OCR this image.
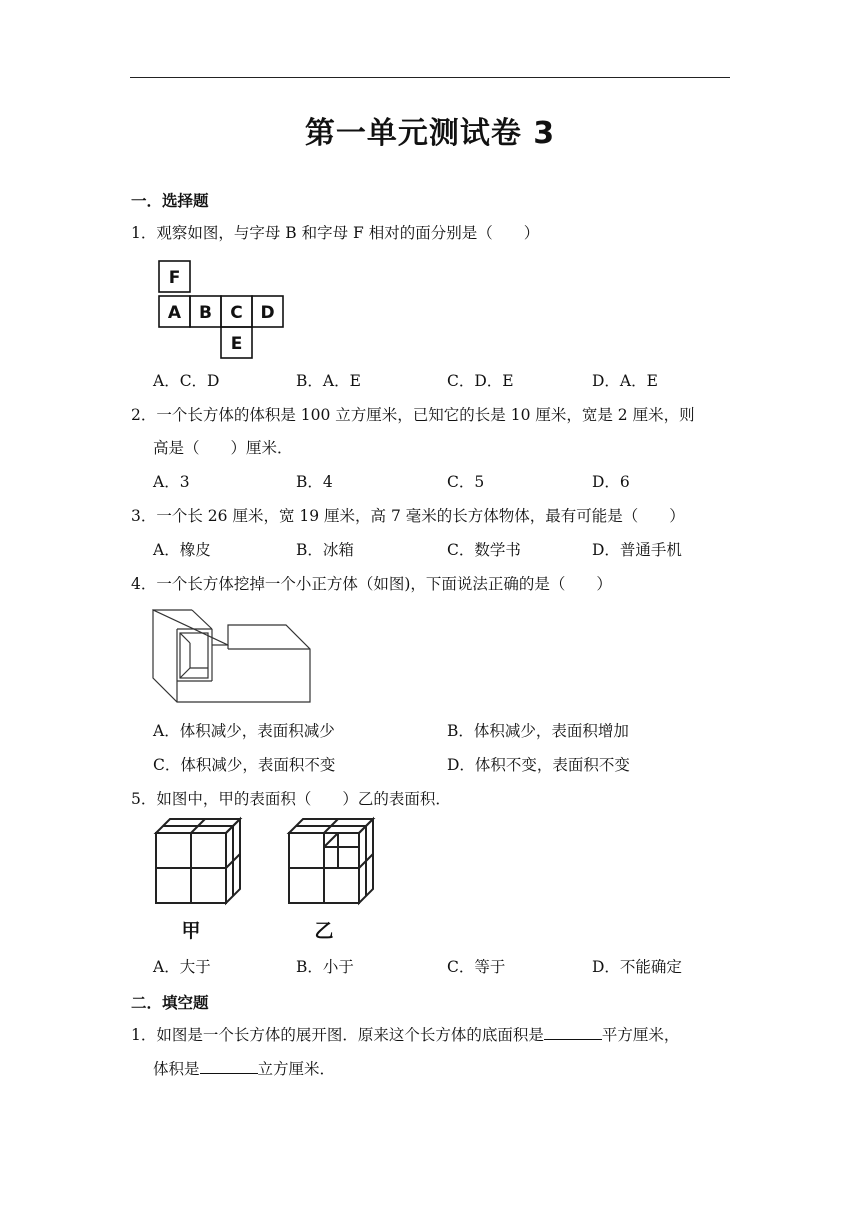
第一单元测试卷 3
一．选择题
1．观察如图，与字母 B 和字母 F 相对的面分别是（　　）
F
A B C D
E
A．C．D	B．A．E	C．D．E	D．A．E
2．一个长方体的体积是 100 立方厘米，已知它的长是 10 厘米，宽是 2 厘米，则
高是（　　）厘米．
A．3	B．4	C．5	D．6
3．一个长 26 厘米，宽 19 厘米，高 7 毫米的长方体物体，最有可能是（　　）
A．橡皮	B．冰箱	C．数学书	D．普通手机
4．一个长方体挖掉一个小正方体（如图)，下面说法正确的是（　　）
A．体积减少，表面积减少	B．体积减少，表面积增加
C．体积减少，表面积不变	D．体积不变，表面积不变
5．如图中，甲的表面积（　　）乙的表面积．
甲	乙
A．大于	B．小于	C．等于	D．不能确定
二．填空题
1．如图是一个长方体的展开图．原来这个长方体的底面积是	平方厘米，
体积是	立方厘米．
